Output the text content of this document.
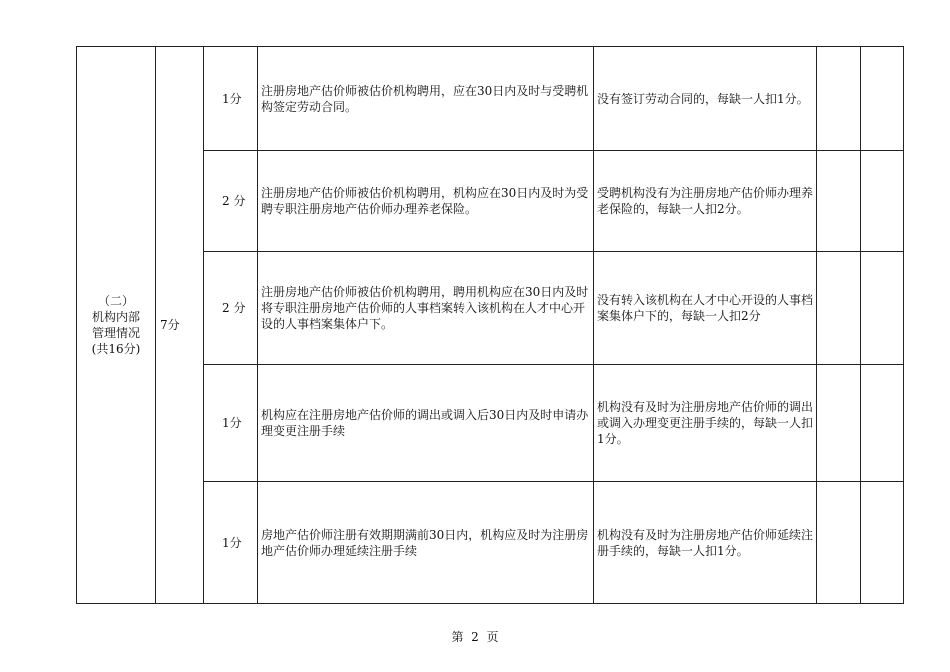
（二）
机构内部
管理情况
(共16分)	7分	1分	注册房地产估价师被估价机构聘用，应在30日内及时与受聘机构签定劳动合同。	没有签订劳动合同的，每缺一人扣1分。		
		2 分	注册房地产估价师被估价机构聘用，机构应在30日内及时为受聘专职注册房地产估价师办理养老保险。	受聘机构没有为注册房地产估价师办理养老保险的，每缺一人扣2分。		
		2 分	注册房地产估价师被估价机构聘用，聘用机构应在30日内及时将专职注册房地产估价师的人事档案转入该机构在人才中心开设的人事档案集体户下。	没有转入该机构在人才中心开设的人事档案集体户下的，每缺一人扣2分		
		1分	机构应在注册房地产估价师的调出或调入后30日内及时申请办理变更注册手续	机构没有及时为注册房地产估价师的调出或调入办理变更注册手续的，每缺一人扣1分。		
		1分	房地产估价师注册有效期期满前30日内，机构应及时为注册房地产估价师办理延续注册手续	机构没有及时为注册房地产估价师延续注册手续的，每缺一人扣1分。		
第  2  页
